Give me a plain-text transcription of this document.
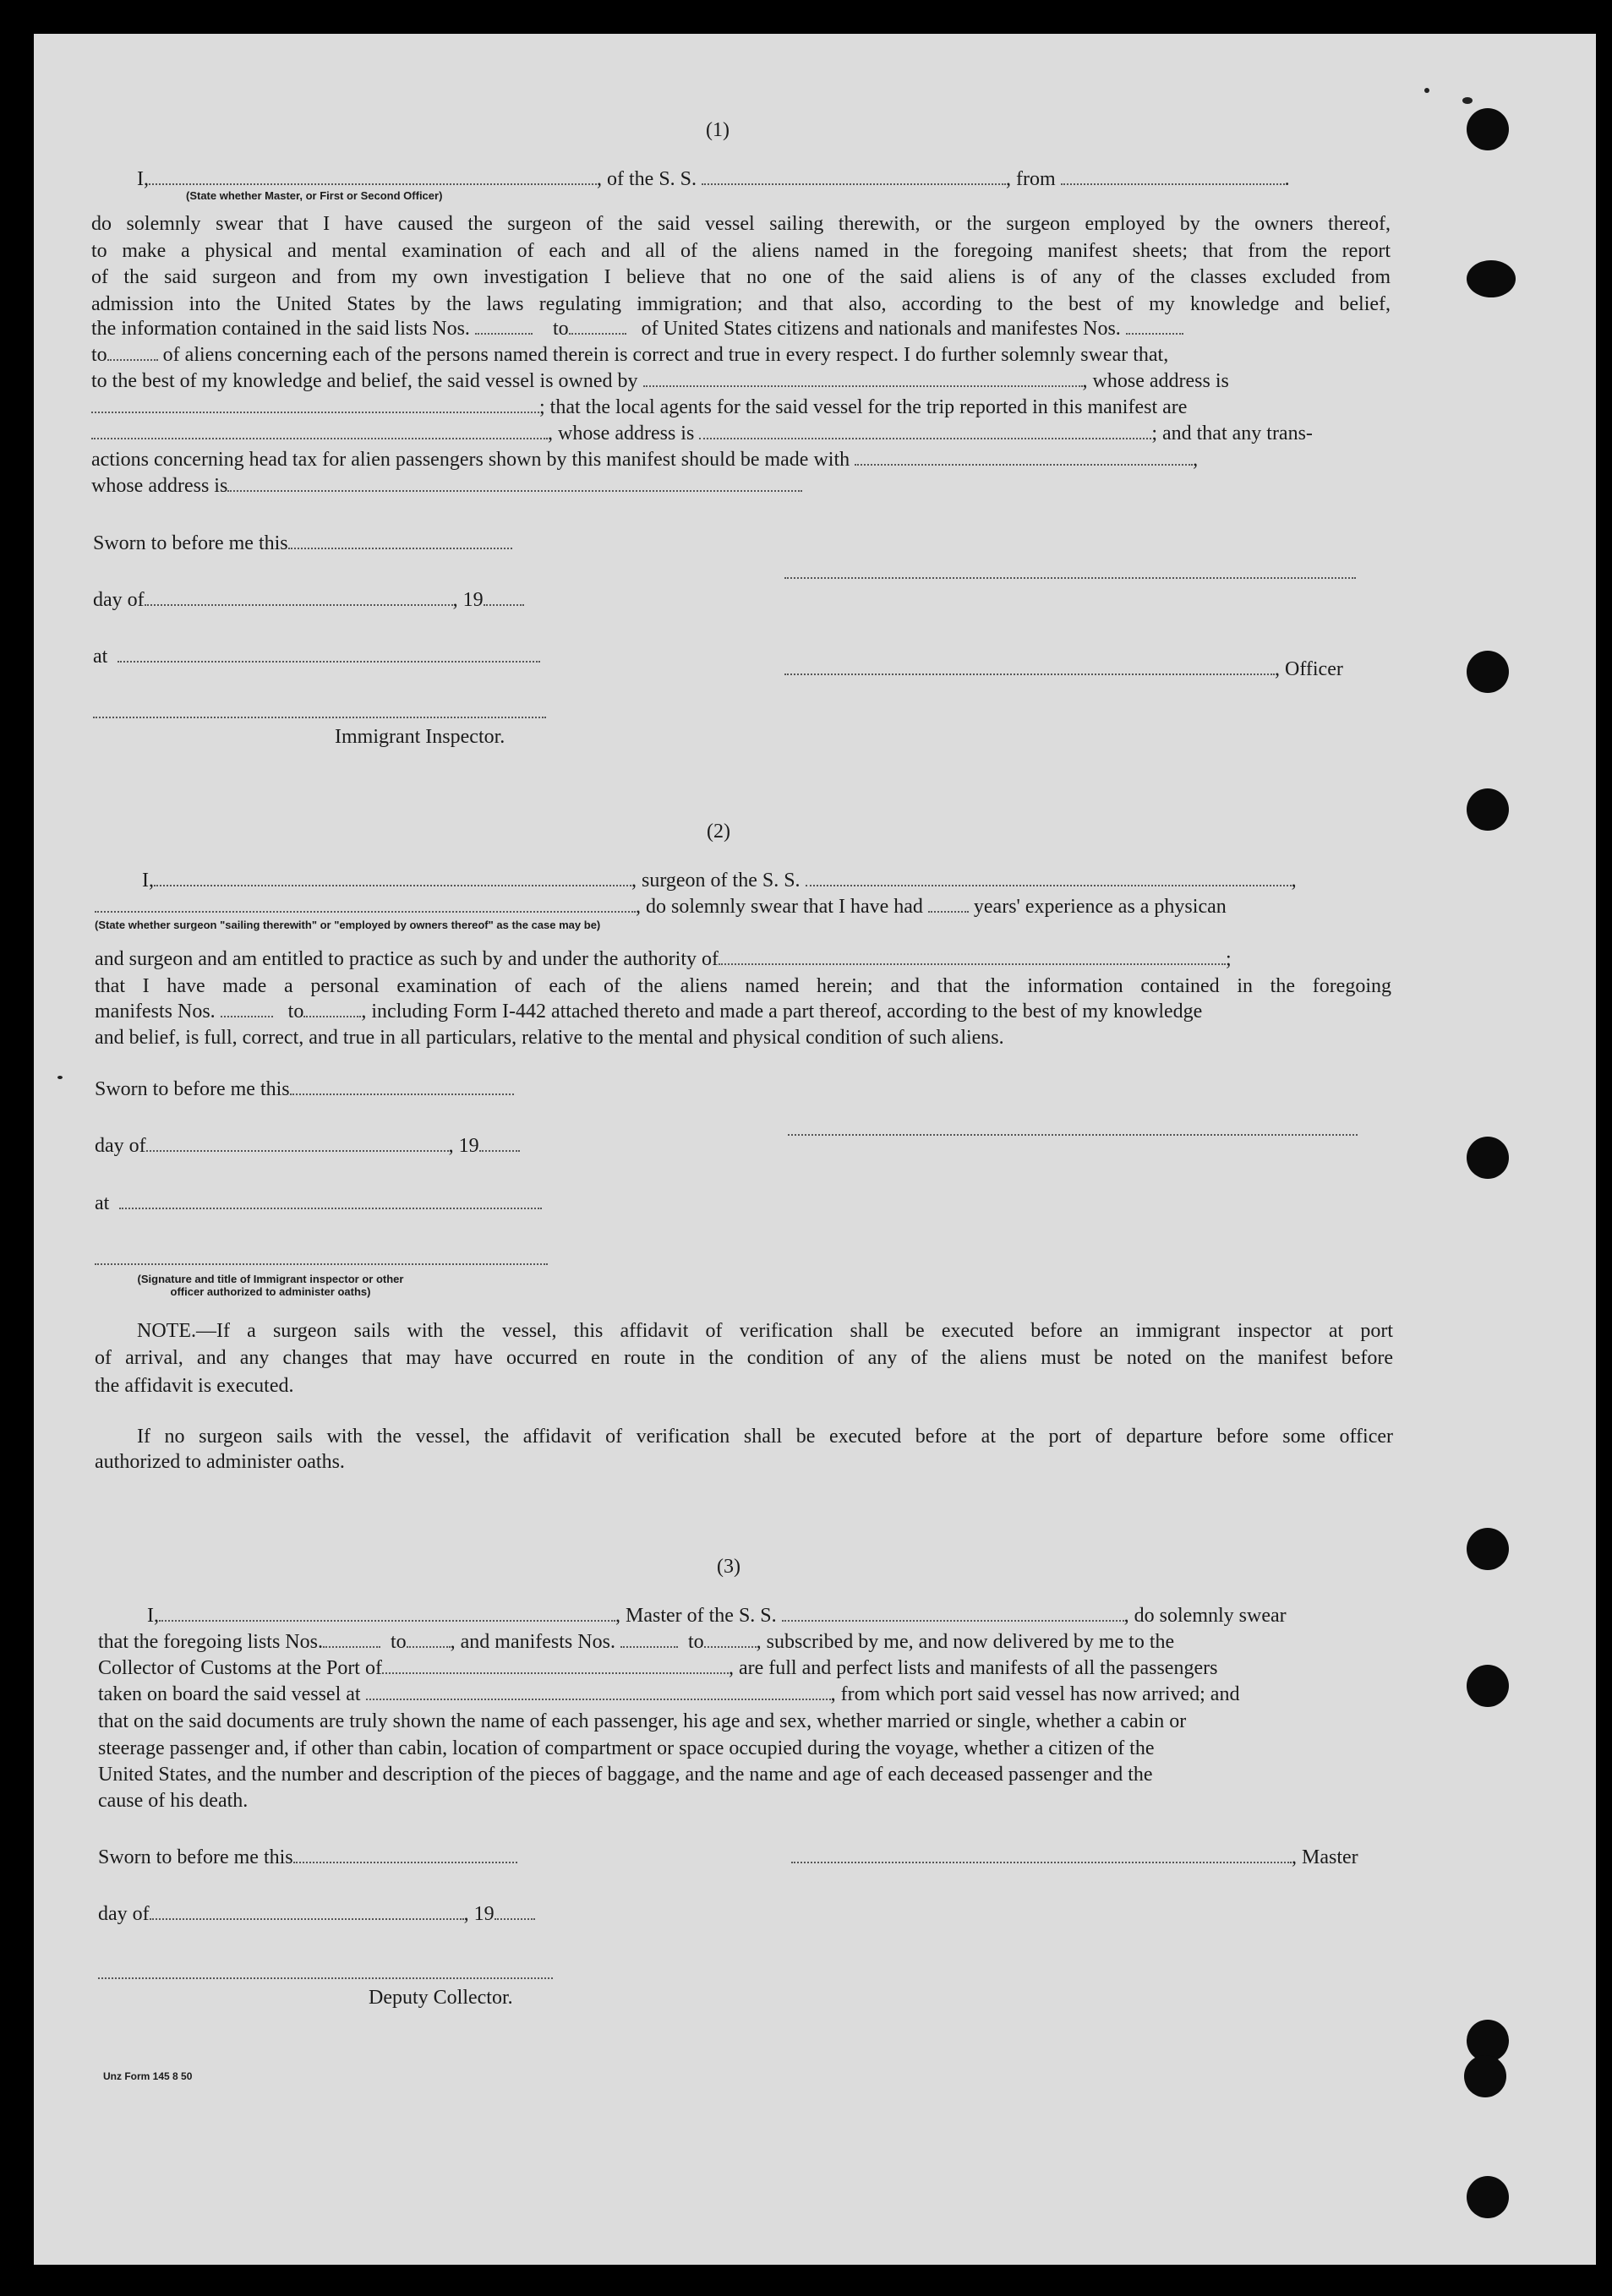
(1)
I,	, of the S. S.	, from	.
(State whether Master, or First or Second Officer)
do solemnly swear that I have caused the surgeon of the said vessel sailing therewith, or the surgeon employed by the owners thereof,
to make a physical and mental examination of each and all of the aliens named in the foregoing manifest sheets; that from the report
of the said surgeon and from my own investigation I believe that no one of the said aliens is of any of the classes excluded from
admission into the United States by the laws regulating immigration; and that also, according to the best of my knowledge and belief,
the information contained in the said lists Nos.	to	of United States citizens and nationals and manifestes Nos.
to	of aliens concerning each of the persons named therein is correct and true in every respect. I do further solemnly swear that,
to the best of my knowledge and belief, the said vessel is owned by	, whose address is
; that the local agents for the said vessel for the trip reported in this manifest are
, whose address is	; and that any trans-
actions concerning head tax for alien passengers shown by this manifest should be made with	,
whose address is
Sworn to before me this
day of	, 19
at
, Officer
Immigrant Inspector.
(2)
I,	, surgeon of the S. S.	,
, do solemnly swear that I have had	years' experience as a physican
(State whether surgeon "sailing therewith" or "employed by owners thereof" as the case may be)
and surgeon and am entitled to practice as such by and under the authority of	;
that I have made a personal examination of each of the aliens named herein; and that the information contained in the foregoing
manifests Nos.	to	, including Form I-442 attached thereto and made a part thereof, according to the best of my knowledge
and belief, is full, correct, and true in all particulars, relative to the mental and physical condition of such aliens.
Sworn to before me this
day of	, 19
at
(Signature and title of Immigrant inspector or other
officer authorized to administer oaths)
NOTE.—If a surgeon sails with the vessel, this affidavit of verification shall be executed before an immigrant inspector at port
of arrival, and any changes that may have occurred en route in the condition of any of the aliens must be noted on the manifest before
the affidavit is executed.
If no surgeon sails with the vessel, the affidavit of verification shall be executed before at the port of departure before some officer
authorized to administer oaths.
(3)
I,	, Master of the S. S.	, do solemnly swear
that the foregoing lists Nos.	to , and manifests Nos.	to	, subscribed by me, and now delivered by me to the
Collector of Customs at the Port of	, are full and perfect lists and manifests of all the passengers
taken on board the said vessel at	, from which port said vessel has now arrived; and
that on the said documents are truly shown the name of each passenger, his age and sex, whether married or single, whether a cabin or
steerage passenger and, if other than cabin, location of compartment or space occupied during the voyage, whether a citizen of the
United States, and the number and description of the pieces of baggage, and the name and age of each deceased passenger and the
cause of his death.
Sworn to before me this	, Master
day of	, 19
Deputy Collector.
Unz Form 145 8 50
